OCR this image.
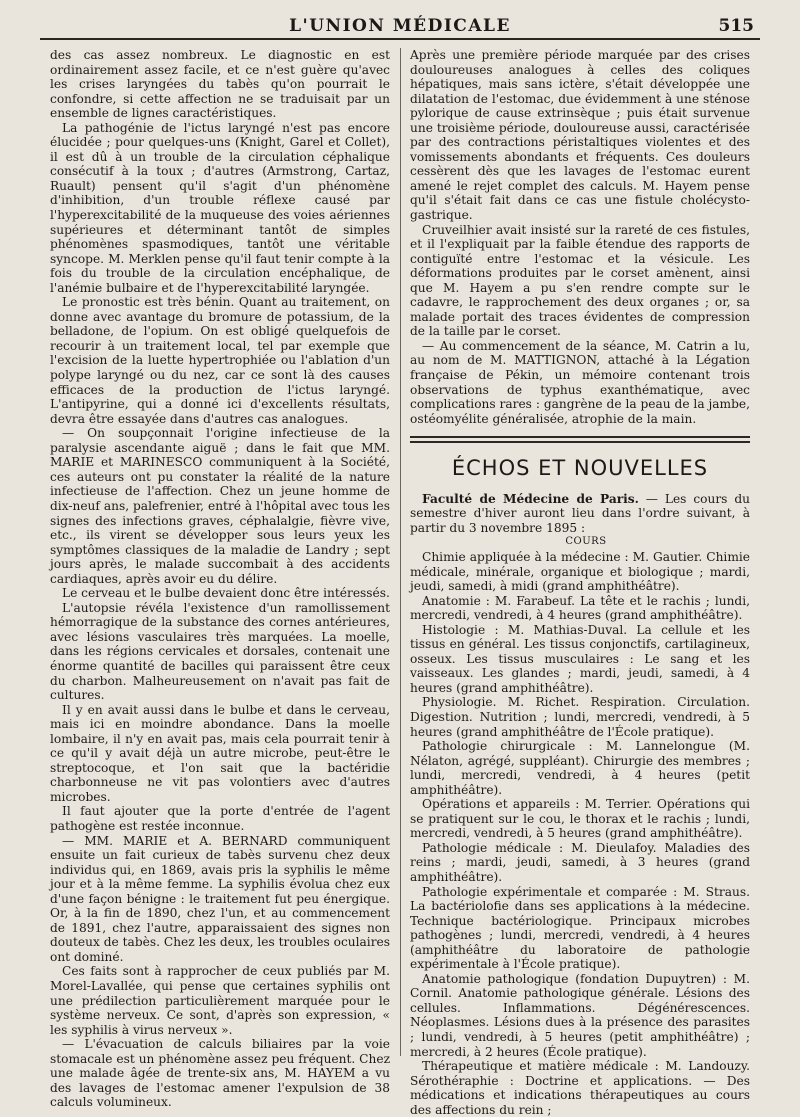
L'UNION MÉDICALE	515

des cas assez nombreux. Le diagnostic en est ordinairement assez facile, et ce n'est guère qu'avec les crises laryngées du tabès qu'on pourrait le confondre, si cette affection ne se traduisait par un ensemble de lignes caractéristiques.

La pathogénie de l'ictus laryngé n'est pas encore élucidée ; pour quelques-uns (Knight, Garel et Collet), il est dû à un trouble de la circulation céphalique consécutif à la toux ; d'autres (Armstrong, Cartaz, Ruault) pensent qu'il s'agit d'un phénomène d'inhibition, d'un trouble réflexe causé par l'hyperexcitabilité de la muqueuse des voies aériennes supérieures et déterminant tantôt de simples phénomènes spasmodiques, tantôt une véritable syncope. M. Merklen pense qu'il faut tenir compte à la fois du trouble de la circulation encéphalique, de l'anémie bulbaire et de l'hyperexcitabilité laryngée.

Le pronostic est très bénin. Quant au traitement, on donne avec avantage du bromure de potassium, de la belladone, de l'opium. On est obligé quelquefois de recourir à un traitement local, tel par exemple que l'excision de la luette hypertrophiée ou l'ablation d'un polype laryngé ou du nez, car ce sont là des causes efficaces de la production de l'ictus laryngé. L'antipyrine, qui a donné ici d'excellents résultats, devra être essayée dans d'autres cas analogues.

— On soupçonnait l'origine infectieuse de la paralysie ascendante aiguë ; dans le fait que MM. MARIE et MARINESCO communiquent à la Société, ces auteurs ont pu constater la réalité de la nature infectieuse de l'affection. Chez un jeune homme de dix-neuf ans, palefrenier, entré à l'hôpital avec tous les signes des infections graves, céphalalgie, fièvre vive, etc., ils virent se développer sous leurs yeux les symptômes classiques de la maladie de Landry ; sept jours après, le malade succombait à des accidents cardiaques, après avoir eu du délire.

Le cerveau et le bulbe devaient donc être intéressés.

L'autopsie révéla l'existence d'un ramollissement hémorragique de la substance des cornes antérieures, avec lésions vasculaires très marquées. La moelle, dans les régions cervicales et dorsales, contenait une énorme quantité de bacilles qui paraissent être ceux du charbon. Malheureusement on n'avait pas fait de cultures.

Il y en avait aussi dans le bulbe et dans le cerveau, mais ici en moindre abondance. Dans la moelle lombaire, il n'y en avait pas, mais cela pourrait tenir à ce qu'il y avait déjà un autre microbe, peut-être le streptocoque, et l'on sait que la bactéridie charbonneuse ne vit pas volontiers avec d'autres microbes.

Il faut ajouter que la porte d'entrée de l'agent pathogène est restée inconnue.

— MM. MARIE et A. BERNARD communiquent ensuite un fait curieux de tabès survenu chez deux individus qui, en 1869, avais pris la syphilis le même jour et à la même femme. La syphilis évolua chez eux d'une façon bénigne : le traitement fut peu énergique. Or, à la fin de 1890, chez l'un, et au commencement de 1891, chez l'autre, apparaissaient des signes non douteux de tabès. Chez les deux, les troubles oculaires ont dominé.

Ces faits sont à rapprocher de ceux publiés par M. Morel-Lavallée, qui pense que certaines syphilis ont une prédilection particulièrement marquée pour le système nerveux. Ce sont, d'après son expression, « les syphilis à virus nerveux ».

— L'évacuation de calculs biliaires par la voie stomacale est un phénomène assez peu fréquent. Chez une malade âgée de trente-six ans, M. HAYEM a vu des lavages de l'estomac amener l'expulsion de 38 calculs volumineux.

Après une première période marquée par des crises douloureuses analogues à celles des coliques hépatiques, mais sans ictère, s'était développée une dilatation de l'estomac, due évidemment à une sténose pylorique de cause extrinsèque ; puis était survenue une troisième période, douloureuse aussi, caractérisée par des contractions péristaltiques violentes et des vomissements abondants et fréquents. Ces douleurs cessèrent dès que les lavages de l'estomac eurent amené le rejet complet des calculs. M. Hayem pense qu'il s'était fait dans ce cas une fistule cholécysto-gastrique.

Cruveilhier avait insisté sur la rareté de ces fistules, et il l'expliquait par la faible étendue des rapports de contiguïté entre l'estomac et la vésicule. Les déformations produites par le corset amènent, ainsi que M. Hayem a pu s'en rendre compte sur le cadavre, le rapprochement des deux organes ; or, sa malade portait des traces évidentes de compression de la taille par le corset.

— Au commencement de la séance, M. Catrin a lu, au nom de M. MATTIGNON, attaché à la Légation française de Pékin, un mémoire contenant trois observations de typhus exanthématique, avec complications rares : gangrène de la peau de la jambe, ostéomyélite généralisée, atrophie de la main.

ÉCHOS ET NOUVELLES

Faculté de Médecine de Paris. — Les cours du semestre d'hiver auront lieu dans l'ordre suivant, à partir du 3 novembre 1895 :

COURS

Chimie appliquée à la médecine : M. Gautier. Chimie médicale, minérale, organique et biologique ; mardi, jeudi, samedi, à midi (grand amphithéâtre).

Anatomie : M. Farabeuf. La tête et le rachis ; lundi, mercredi, vendredi, à 4 heures (grand amphithéâtre).

Histologie : M. Mathias-Duval. La cellule et les tissus en général. Les tissus conjonctifs, cartilagineux, osseux. Les tissus musculaires : Le sang et les vaisseaux. Les glandes ; mardi, jeudi, samedi, à 4 heures (grand amphithéâtre).

Physiologie. M. Richet. Respiration. Circulation. Digestion. Nutrition ; lundi, mercredi, vendredi, à 5 heures (grand amphithéâtre de l'École pratique).

Pathologie chirurgicale : M. Lannelongue (M. Nélaton, agrégé, suppléant). Chirurgie des membres ; lundi, mercredi, vendredi, à 4 heures (petit amphithéâtre).

Opérations et appareils : M. Terrier. Opérations qui se pratiquent sur le cou, le thorax et le rachis ; lundi, mercredi, vendredi, à 5 heures (grand amphithéâtre).

Pathologie médicale : M. Dieulafoy. Maladies des reins ; mardi, jeudi, samedi, à 3 heures (grand amphithéâtre).

Pathologie expérimentale et comparée : M. Straus. La bactériolofie dans ses applications à la médecine. Technique bactériologique. Principaux microbes pathogènes ; lundi, mercredi, vendredi, à 4 heures (amphithéâtre du laboratoire de pathologie expérimentale à l'École pratique).

Anatomie pathologique (fondation Dupuytren) : M. Cornil. Anatomie pathologique générale. Lésions des cellules. Inflammations. Dégénérescences. Néoplasmes. Lésions dues à la présence des parasites ; lundi, vendredi, à 5 heures (petit amphithéâtre) ; mercredi, à 2 heures (École pratique).

Thérapeutique et matière médicale : M. Landouzy. Sérothéraphie : Doctrine et applications. — Des médications et indications thérapeutiques au cours des affections du rein ;
